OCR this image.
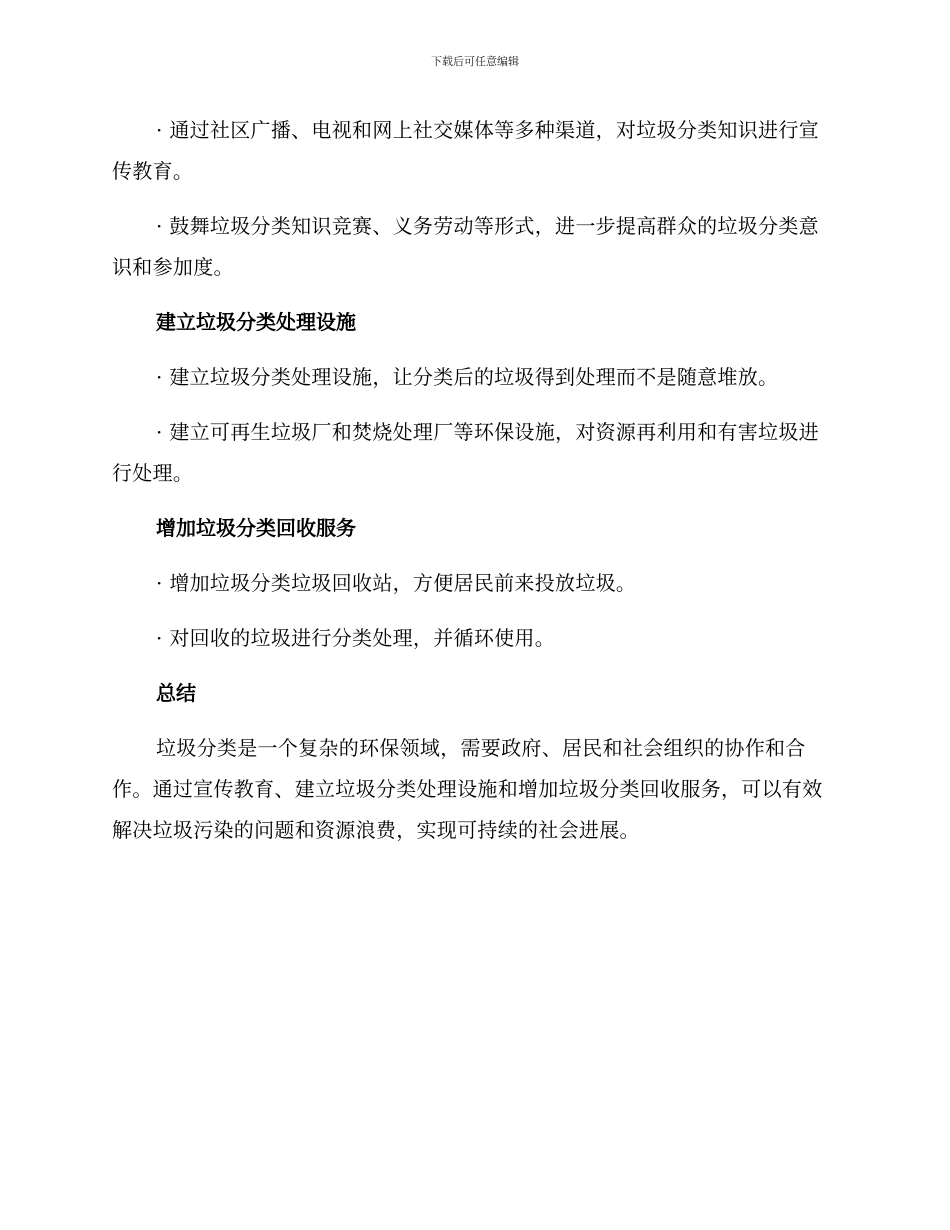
下载后可任意编辑

· 通过社区广播、电视和网上社交媒体等多种渠道，对垃圾分类知识进行宣传教育。

· 鼓舞垃圾分类知识竞赛、义务劳动等形式，进一步提高群众的垃圾分类意识和参加度。

建立垃圾分类处理设施

· 建立垃圾分类处理设施，让分类后的垃圾得到处理而不是随意堆放。

· 建立可再生垃圾厂和焚烧处理厂等环保设施，对资源再利用和有害垃圾进行处理。

增加垃圾分类回收服务

· 增加垃圾分类垃圾回收站，方便居民前来投放垃圾。

· 对回收的垃圾进行分类处理，并循环使用。

总结

垃圾分类是一个复杂的环保领域，需要政府、居民和社会组织的协作和合作。通过宣传教育、建立垃圾分类处理设施和增加垃圾分类回收服务，可以有效解决垃圾污染的问题和资源浪费，实现可持续的社会进展。
